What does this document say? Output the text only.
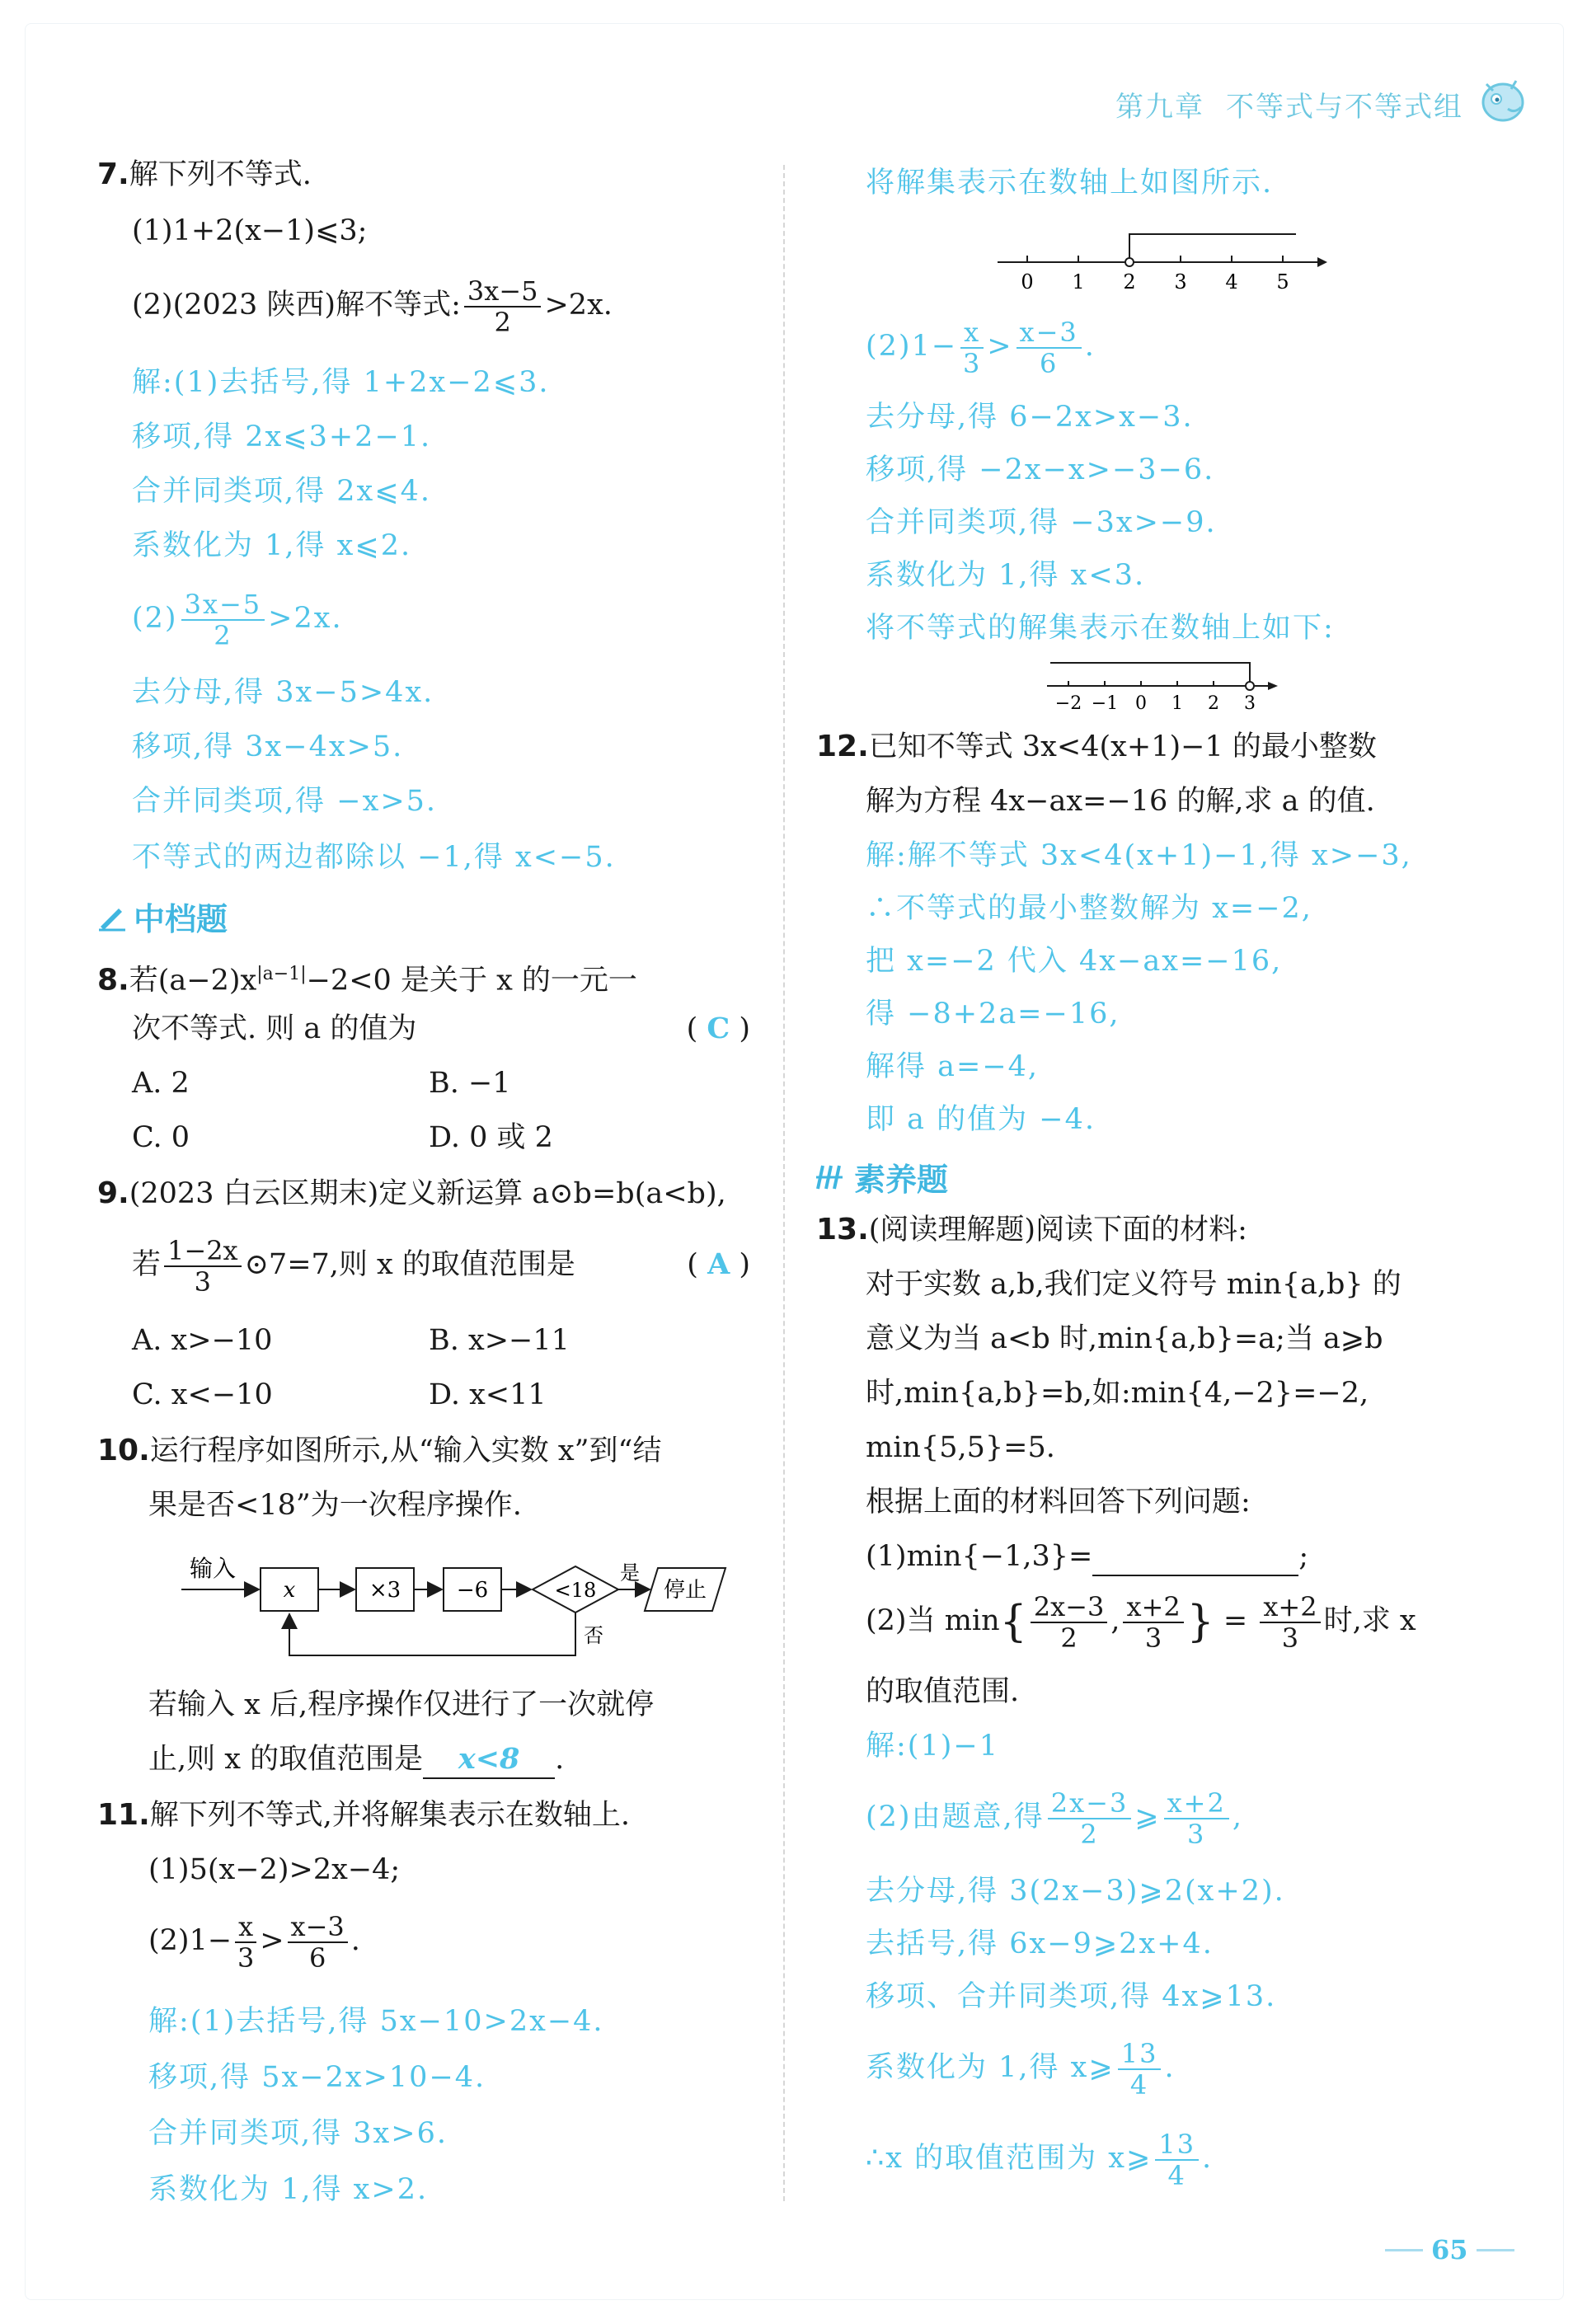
第九章 不等式与不等式组
7.解下列不等式.
(1)1+2(x−1)⩽3;
(2)(2023 陕西)解不等式: $\frac{3x-5}{2} >2x$.
解:(1)去括号,得 1+2x−2⩽3.
移项,得 2x⩽3+2−1.
合并同类项,得 2x⩽4.
系数化为 1,得 x⩽2.
$(2) \frac{3x-5}{2} >2x$.
去分母,得 3x−5>4x.
移项,得 3x−4x>5.
合并同类项,得 −x>5.
不等式的两边都除以 −1,得 x<−5.
中档题
8.若$(a-2)x^{|a-1|}-2<0$ 是关于 x 的一元一
次不等式. 则 a 的值为	( C )
A. 2	B. −1
C. 0	D. 0 或 2
9.(2023 白云区期末)定义新运算 a⊙b=b(a<b),
若 $\frac{1-2x}{3}$ ⊙7=7,则 x 的取值范围是	( A )
A. x>−10	B. x>−11
C. x<−10	D. x<11
10.运行程序如图所示,从“输入实数 x”到“结
果是否<18”为一次程序操作.
输入
x	×3	−6	<18
是
停止
否
若输入 x 后,程序操作仅进行了一次就停
止,则 x 的取值范围是 x<8 .
11.解下列不等式,并将解集表示在数轴上.
(1)5(x−2)>2x−4;
$(2)1- \frac{x}{3} > \frac{x-3}{6}$ .
解:(1)去括号,得 5x−10>2x−4.
移项,得 5x−2x>10−4.
合并同类项,得 3x>6.
系数化为 1,得 x>2.
将解集表示在数轴上如图所示.
0 1 2 3 4 5
$(2)1- \frac{x}{3} > \frac{x-3}{6}$ .
去分母,得 6−2x>x−3.
移项,得 −2x−x>−3−6.
合并同类项,得 −3x>−9.
系数化为 1,得 x<3.
将不等式的解集表示在数轴上如下:
−2 −1 0 1 2 3
12.已知不等式 3x<4(x+1)−1 的最小整数
解为方程 4x−ax=−16 的解,求 a 的值.
解:解不等式 3x<4(x+1)−1,得 x>−3,
∴不等式的最小整数解为 x=−2,
把 x=−2 代入 4x−ax=−16,
得 −8+2a=−16,
解得 a=−4,
即 a 的值为 −4.
素养题
13.(阅读理解题)阅读下面的材料:
对于实数 a,b,我们定义符号 min{a,b} 的
意义为当 a<b 时,min{a,b}=a;当 a⩾b
时,min{a,b}=b,如:min{4,−2}=−2,
min{5,5}=5.
根据上面的材料回答下列问题:
(1)min{−1,3}=	;
(2)当 $\min\{ \frac{2x-3}{2}$ , $\frac{x+2}{3}$ } = $\frac{x+2}{3}$ 时,求 x
的取值范围.
解:(1)−1
(2)由题意,得 $\frac{2x-3}{2}$ ⩾ $\frac{x+2}{3}$ ,
去分母,得 3(2x−3)⩾2(x+2).
去括号,得 6x−9⩾2x+4.
移项、合并同类项,得 4x⩾13.
系数化为 1,得 x⩾ $\frac{13}{4}$ .
∴x 的取值范围为 x⩾ $\frac{13}{4}$ .
65
